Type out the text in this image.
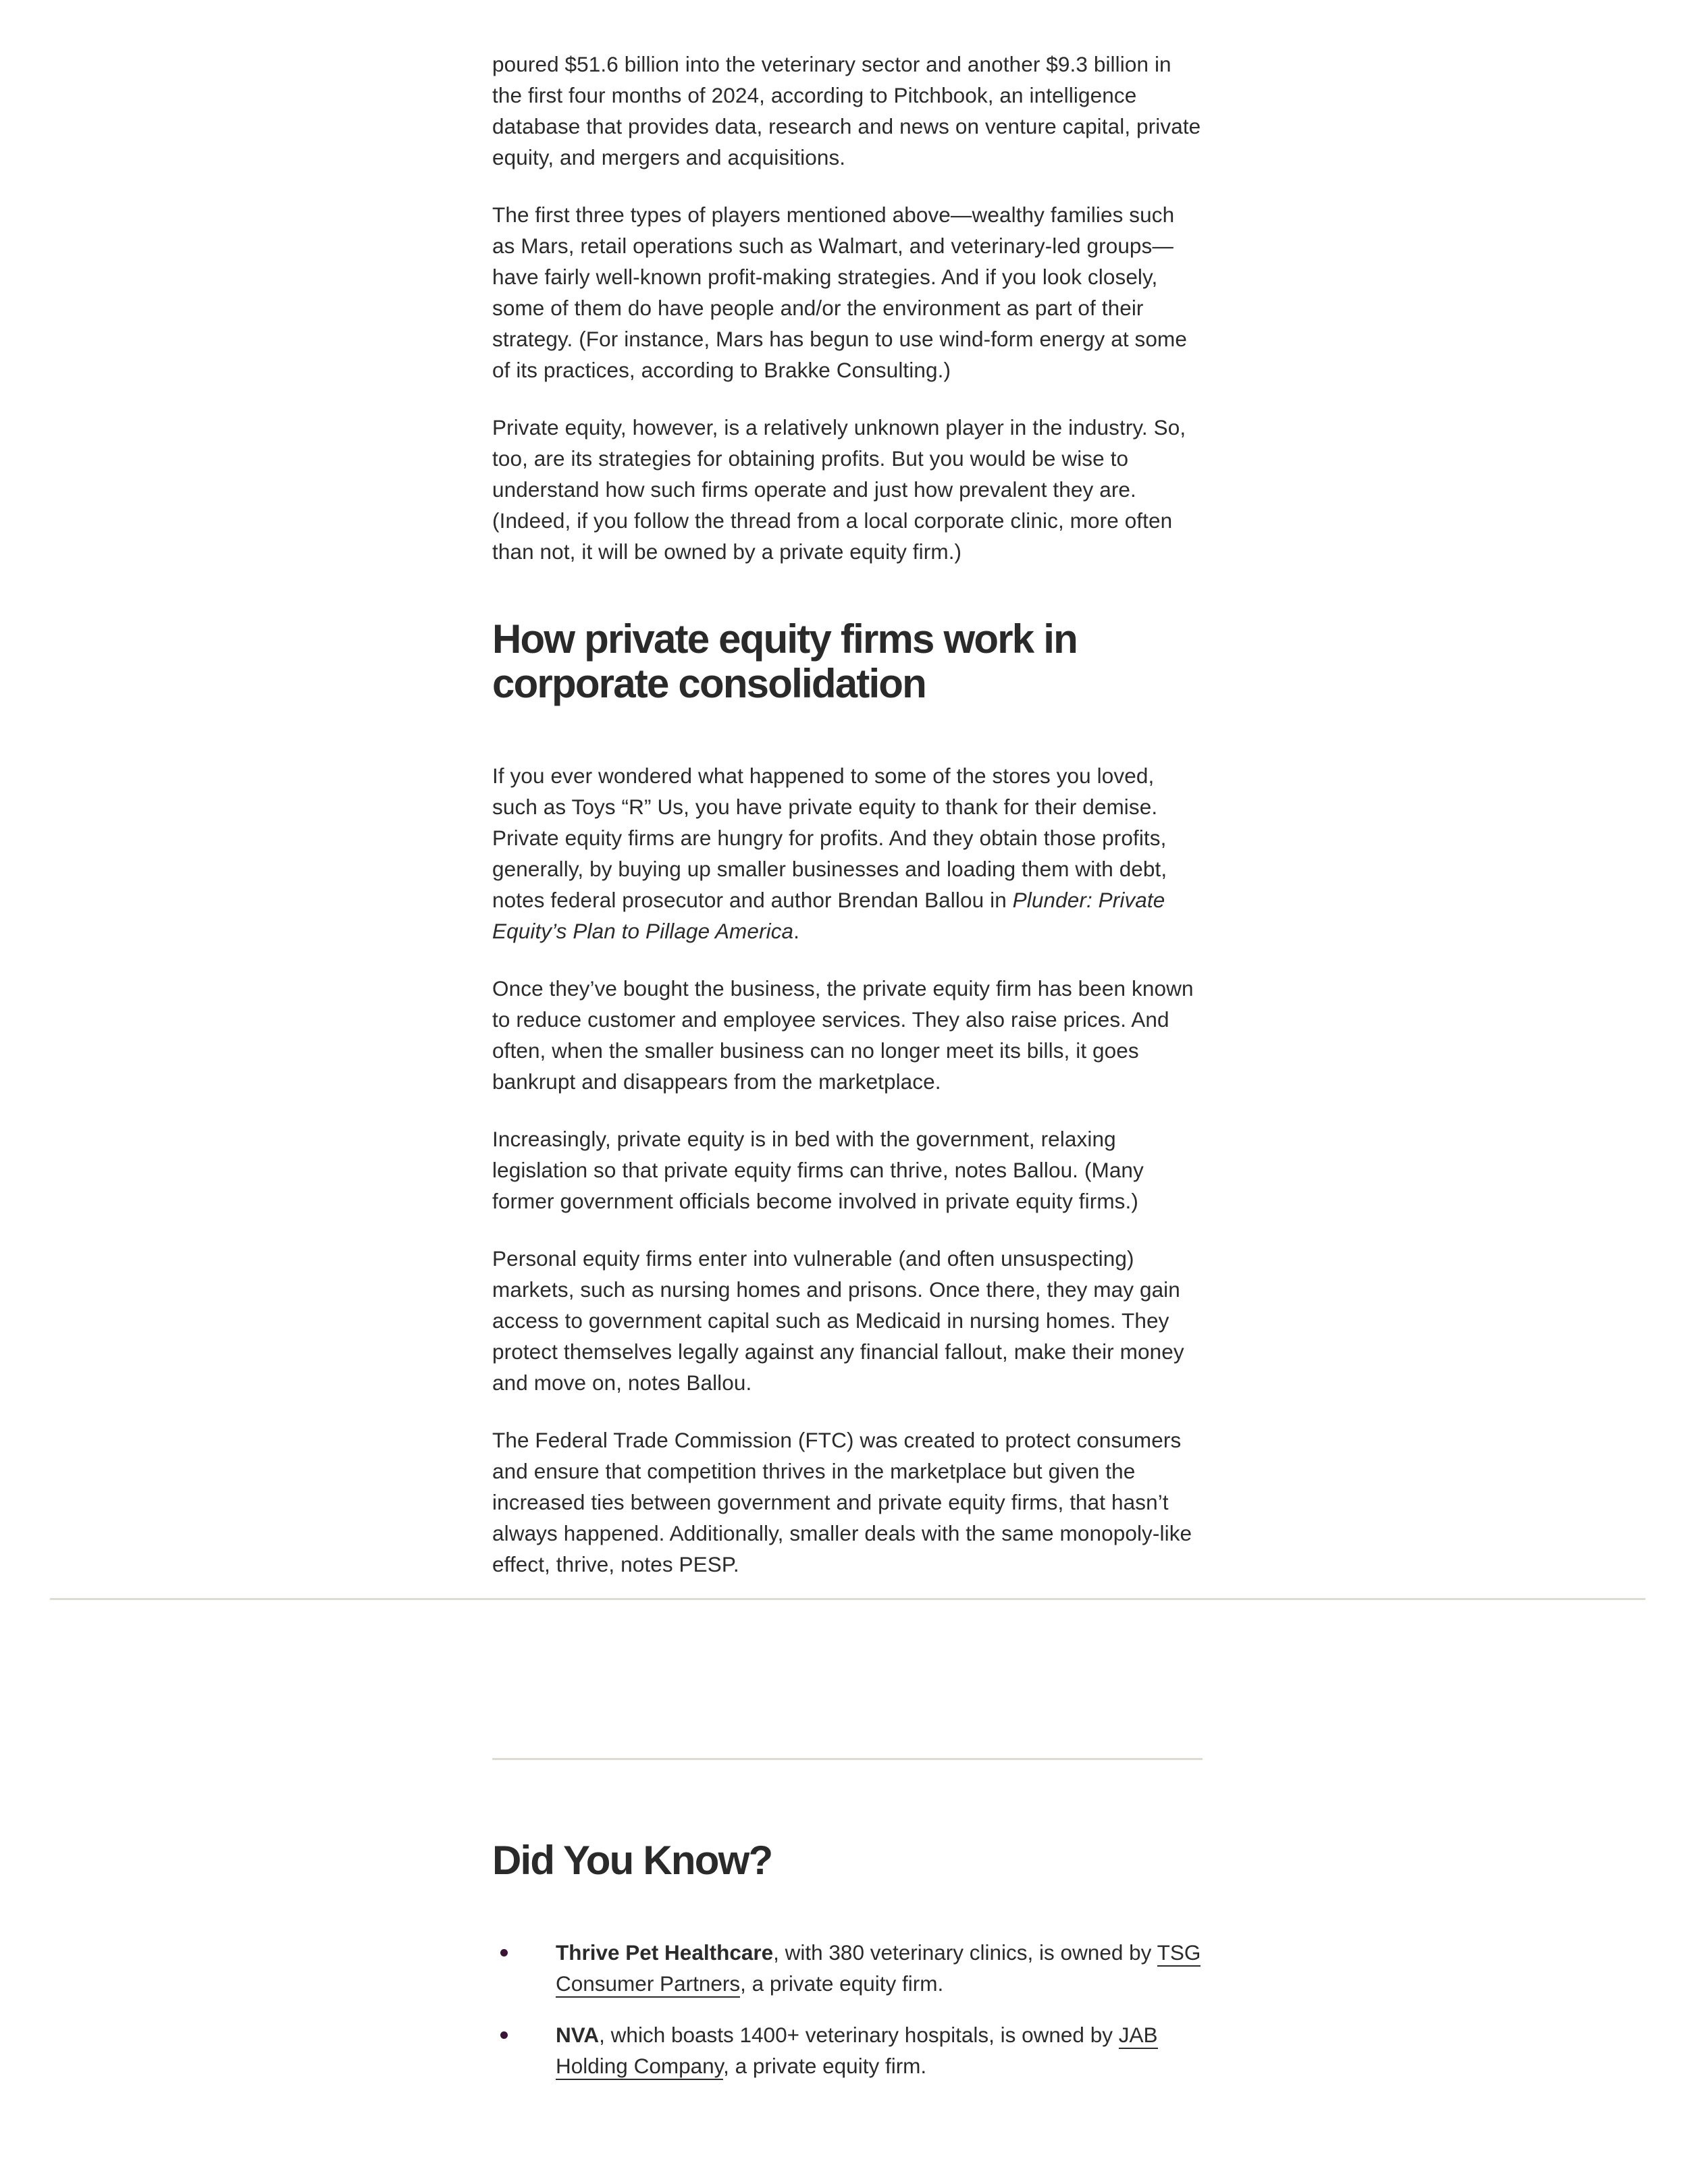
poured $51.6 billion into the veterinary sector and another $9.3 billion in the first four months of 2024, according to Pitchbook, an intelligence database that provides data, research and news on venture capital, private equity, and mergers and acquisitions.

The first three types of players mentioned above—wealthy families such as Mars, retail operations such as Walmart, and veterinary-led groups—have fairly well-known profit-making strategies. And if you look closely, some of them do have people and/or the environment as part of their strategy. (For instance, Mars has begun to use wind-form energy at some of its practices, according to Brakke Consulting.)

Private equity, however, is a relatively unknown player in the industry. So, too, are its strategies for obtaining profits. But you would be wise to understand how such firms operate and just how prevalent they are. (Indeed, if you follow the thread from a local corporate clinic, more often than not, it will be owned by a private equity firm.)

How private equity firms work in corporate consolidation

If you ever wondered what happened to some of the stores you loved, such as Toys “R” Us, you have private equity to thank for their demise. Private equity firms are hungry for profits. And they obtain those profits, generally, by buying up smaller businesses and loading them with debt, notes federal prosecutor and author Brendan Ballou in Plunder: Private Equity’s Plan to Pillage America.

Once they’ve bought the business, the private equity firm has been known to reduce customer and employee services. They also raise prices. And often, when the smaller business can no longer meet its bills, it goes bankrupt and disappears from the marketplace.

Increasingly, private equity is in bed with the government, relaxing legislation so that private equity firms can thrive, notes Ballou. (Many former government officials become involved in private equity firms.)

Personal equity firms enter into vulnerable (and often unsuspecting) markets, such as nursing homes and prisons. Once there, they may gain access to government capital such as Medicaid in nursing homes. They protect themselves legally against any financial fallout, make their money and move on, notes Ballou.

The Federal Trade Commission (FTC) was created to protect consumers and ensure that competition thrives in the marketplace but given the increased ties between government and private equity firms, that hasn’t always happened. Additionally, smaller deals with the same monopoly-like effect, thrive, notes PESP.

Did You Know?
Thrive Pet Healthcare, with 380 veterinary clinics, is owned by TSG Consumer Partners, a private equity firm.
NVA, which boasts 1400+ veterinary hospitals, is owned by JAB Holding Company, a private equity firm.
